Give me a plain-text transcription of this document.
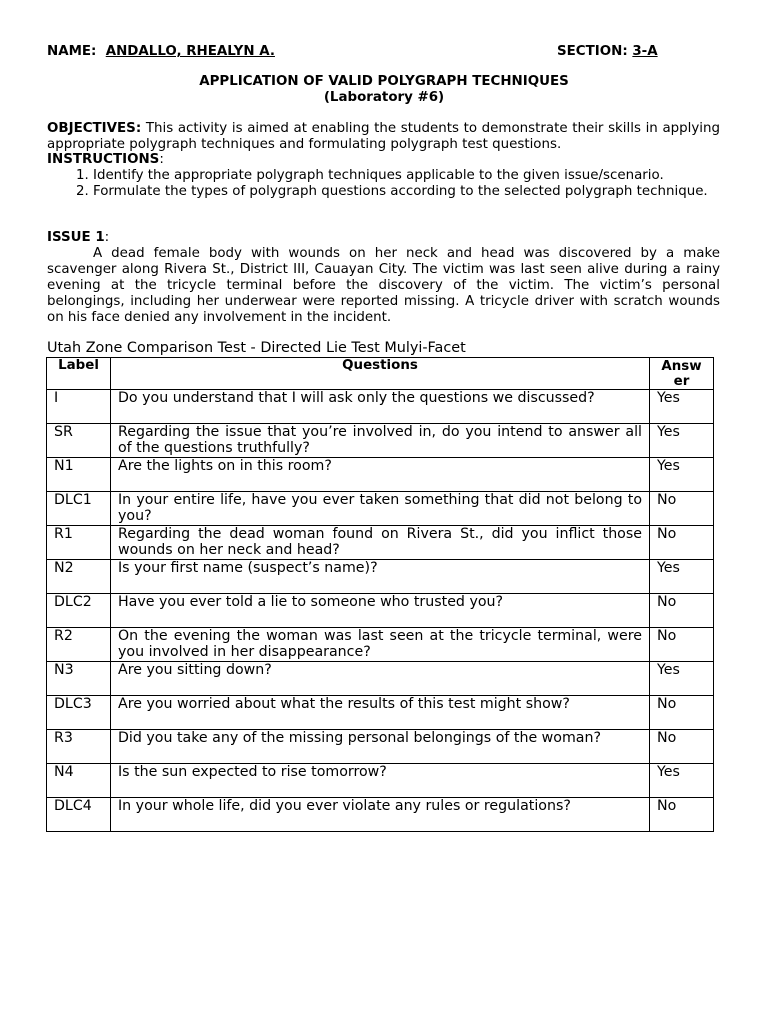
NAME: ANDALLO, RHEALYN A.	SECTION: 3-A
APPLICATION OF VALID POLYGRAPH TECHNIQUES
(Laboratory #6)
OBJECTIVES: This activity is aimed at enabling the students to demonstrate their skills in applying appropriate polygraph techniques and formulating polygraph test questions.
INSTRUCTIONS:
1. Identify the appropriate polygraph techniques applicable to the given issue/scenario.
2. Formulate the types of polygraph questions according to the selected polygraph technique.
ISSUE 1:
A dead female body with wounds on her neck and head was discovered by a make scavenger along Rivera St., District III, Cauayan City. The victim was last seen alive during a rainy evening at the tricycle terminal before the discovery of the victim. The victim’s personal belongings, including her underwear were reported missing. A tricycle driver with scratch wounds on his face denied any involvement in the incident.
Utah Zone Comparison Test - Directed Lie Test Mulyi-Facet
Label	Questions	Answ er
I	Do you understand that I will ask only the questions we discussed?	Yes
SR	Regarding the issue that you’re involved in, do you intend to answer all of the questions truthfully?	Yes
N1	Are the lights on in this room?	Yes
DLC1	In your entire life, have you ever taken something that did not belong to you?	No
R1	Regarding the dead woman found on Rivera St., did you inflict those wounds on her neck and head?	No
N2	Is your first name (suspect’s name)?	Yes
DLC2	Have you ever told a lie to someone who trusted you?	No
R2	On the evening the woman was last seen at the tricycle terminal, were you involved in her disappearance?	No
N3	Are you sitting down?	Yes
DLC3	Are you worried about what the results of this test might show?	No
R3	Did you take any of the missing personal belongings of the woman?	No
N4	Is the sun expected to rise tomorrow?	Yes
DLC4	In your whole life, did you ever violate any rules or regulations?	No
